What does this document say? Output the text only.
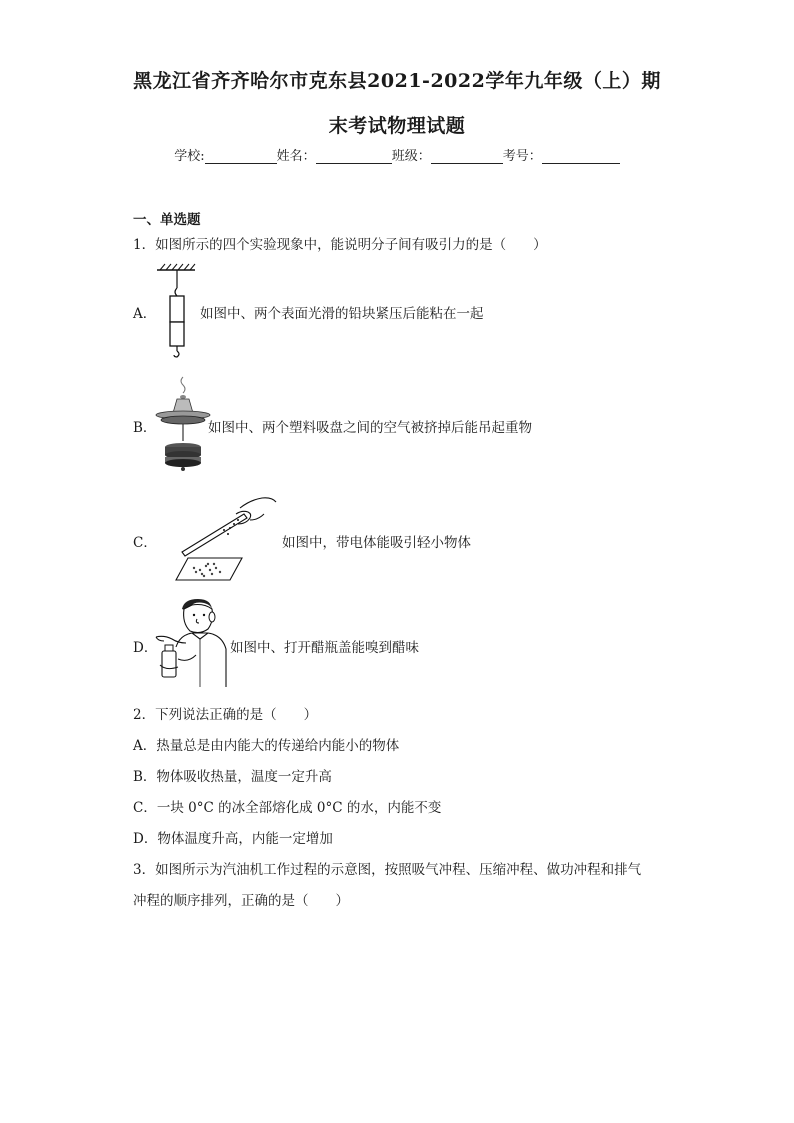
黑龙江省齐齐哈尔市克东县2021-2022学年九年级（上）期
末考试物理试题
学校:	姓名：	班级：	考号：
一、单选题
1．如图所示的四个实验现象中，能说明分子间有吸引力的是（　　）
A．	如图中、两个表面光滑的铅块紧压后能粘在一起
B．	如图中、两个塑料吸盘之间的空气被挤掉后能吊起重物
C．	如图中，带电体能吸引轻小物体
D．	如图中、打开醋瓶盖能嗅到醋味
2．下列说法正确的是（　　）
A．热量总是由内能大的传递给内能小的物体
B．物体吸收热量，温度一定升高
C．一块 0°C 的冰全部熔化成 0°C 的水，内能不变
D．物体温度升高，内能一定增加
3．如图所示为汽油机工作过程的示意图，按照吸气冲程、压缩冲程、做功冲程和排气
冲程的顺序排列，正确的是（　　）
